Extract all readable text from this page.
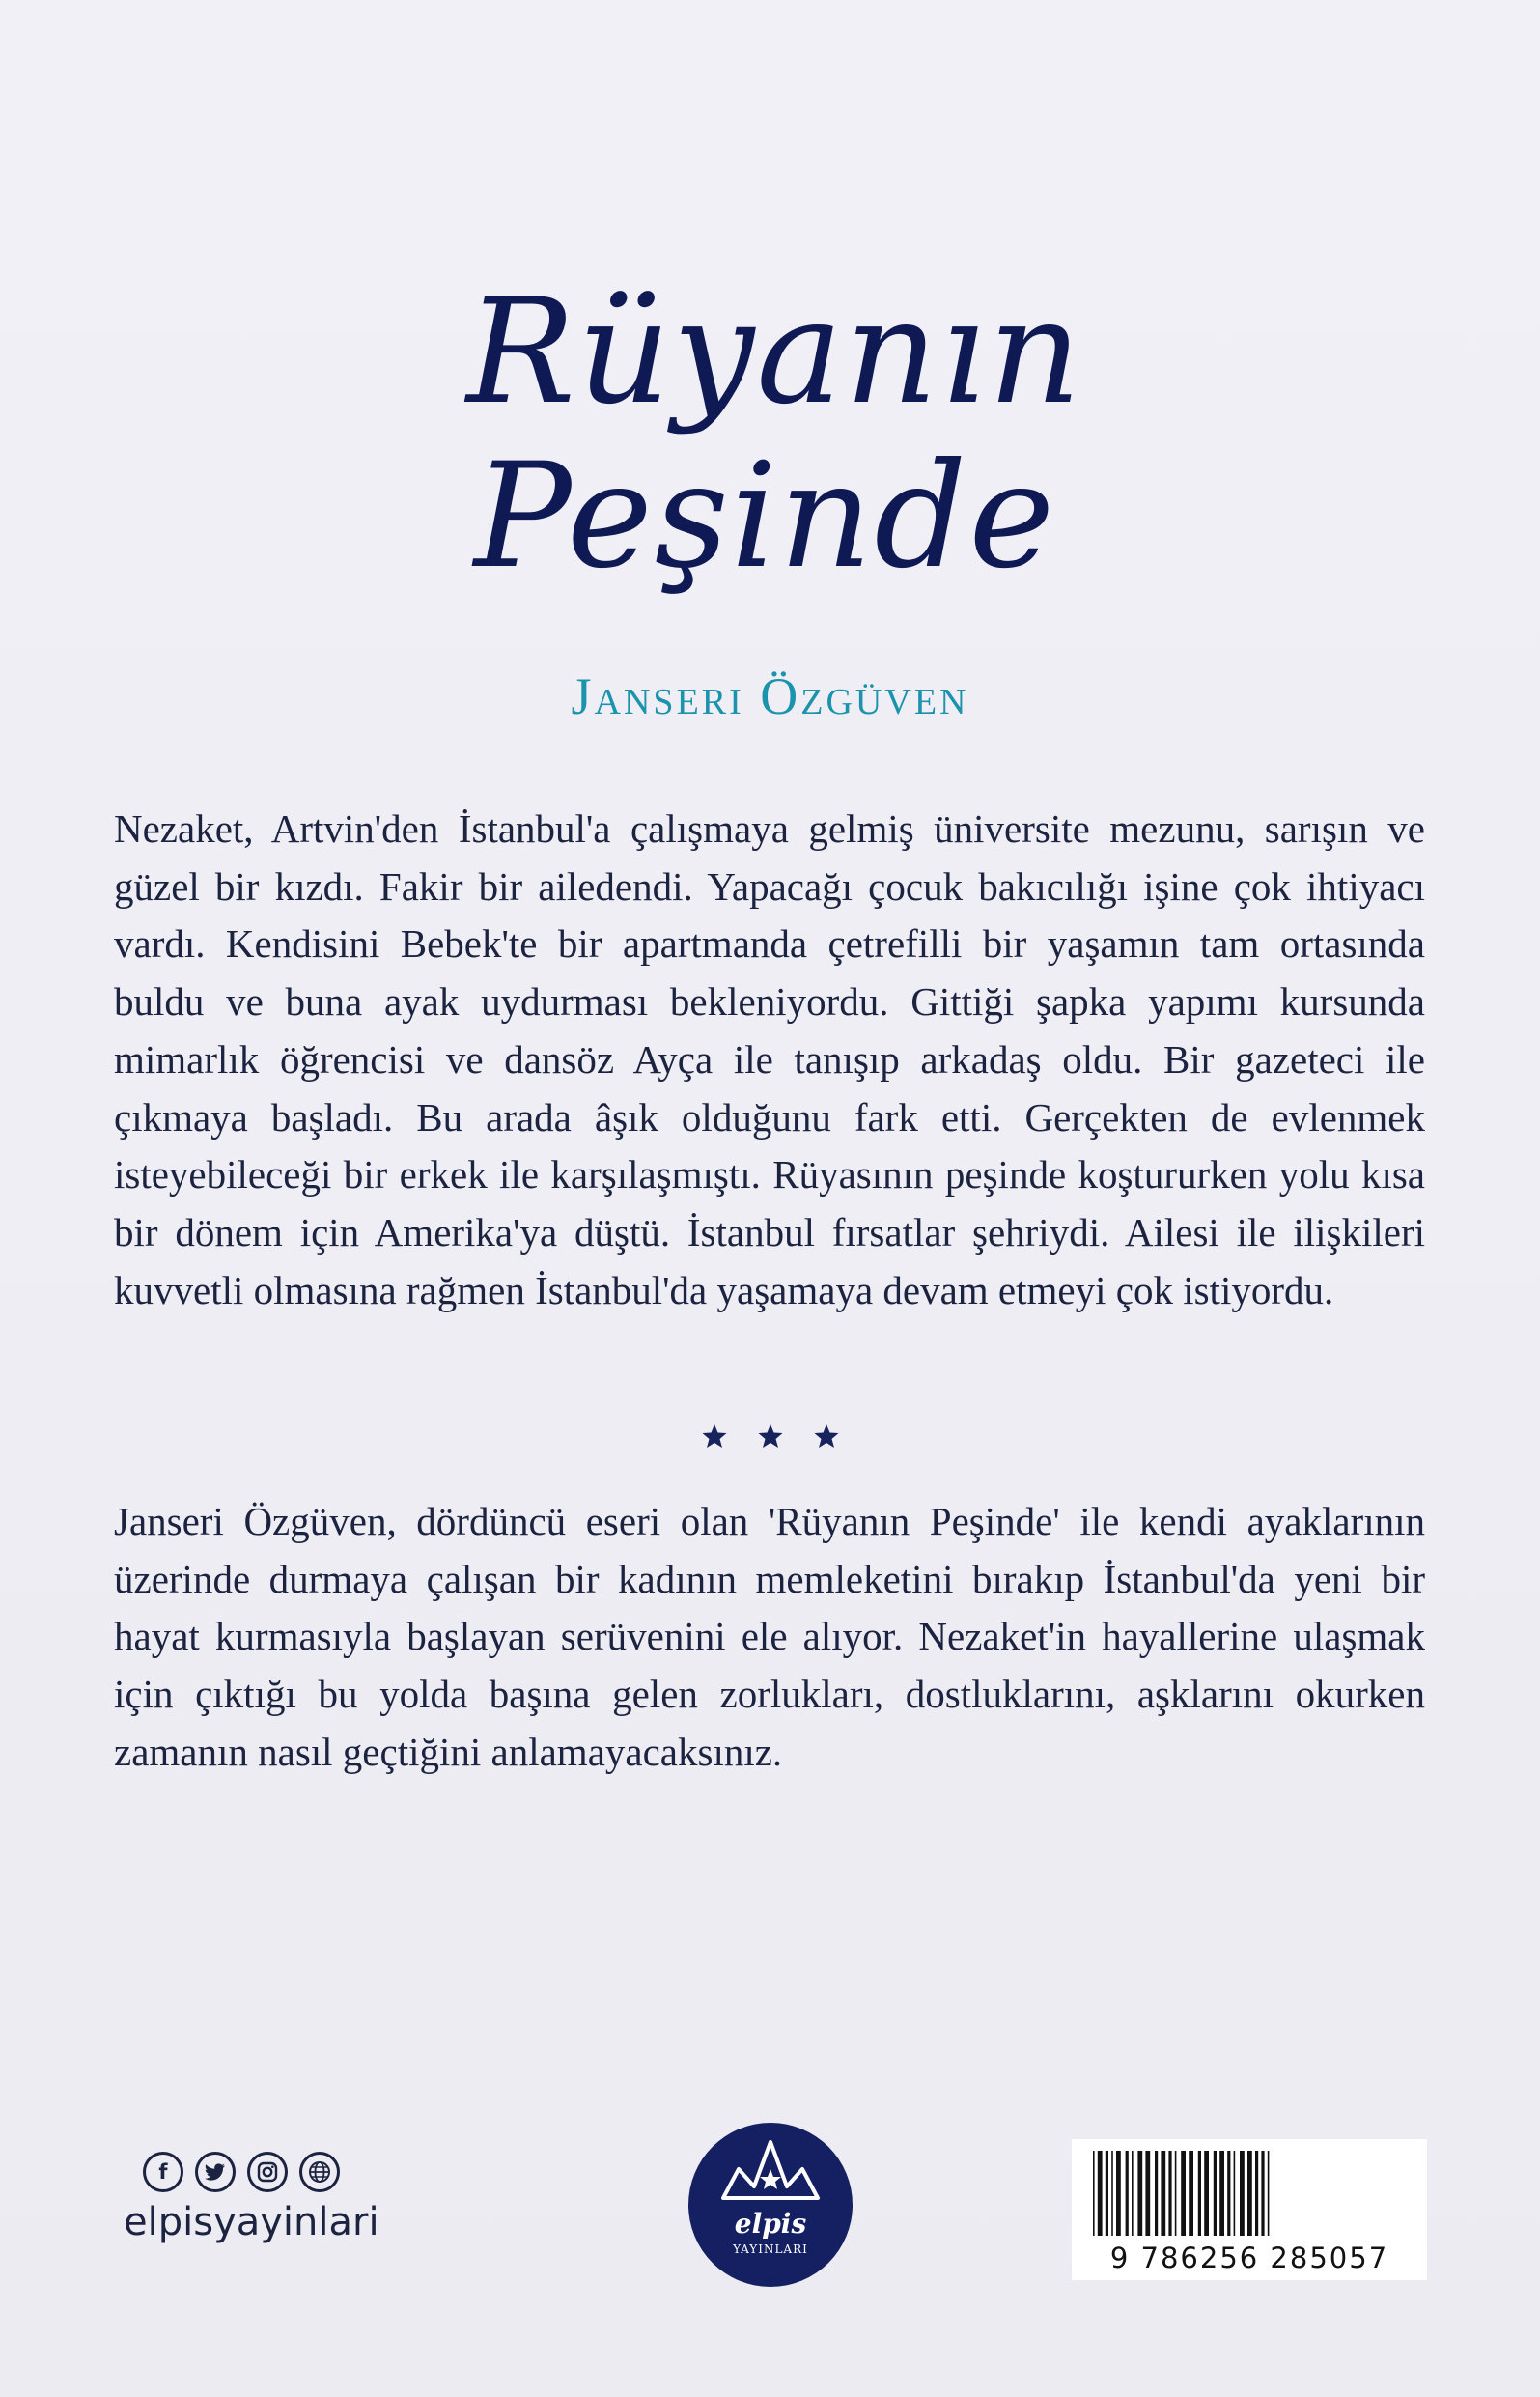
Rüyanın
Peşinde
Janseri Özgüven

Nezaket, Artvin'den İstanbul'a çalışmaya gelmiş üniversite mezunu, sarışın ve güzel bir kızdı. Fakir bir ailedendi. Yapacağı çocuk bakıcılığı işine çok ihtiyacı vardı. Kendisini Bebek'te bir apartmanda çetrefilli bir yaşamın tam ortasında buldu ve buna ayak uydurması bekleniyordu. Gittiği şapka yapımı kursunda mimarlık öğrencisi ve dansöz Ayça ile tanışıp arkadaş oldu. Bir gazeteci ile çıkmaya başladı. Bu arada âşık olduğunu fark etti. Gerçekten de evlenmek isteyebileceği bir erkek ile karşılaşmıştı. Rüyasının peşinde koştururken yolu kısa bir dönem için Amerika'ya düştü. İstanbul fırsatlar şehriydi. Ailesi ile ilişkileri kuvvetli olmasına rağmen İstanbul'da yaşamaya devam etmeyi çok istiyordu.

Janseri Özgüven, dördüncü eseri olan 'Rüyanın Peşinde' ile kendi ayaklarının üzerinde durmaya çalışan bir kadının memleketini bırakıp İstanbul'da yeni bir hayat kurmasıyla başlayan serüvenini ele alıyor. Nezaket'in hayallerine ulaşmak için çıktığı bu yolda başına gelen zorlukları, dostluklarını, aşklarını okurken zamanın nasıl geçtiğini anlamayacaksınız.

f
elpisyayinlari	elpis
YAYINLARI	9 786256 285057
